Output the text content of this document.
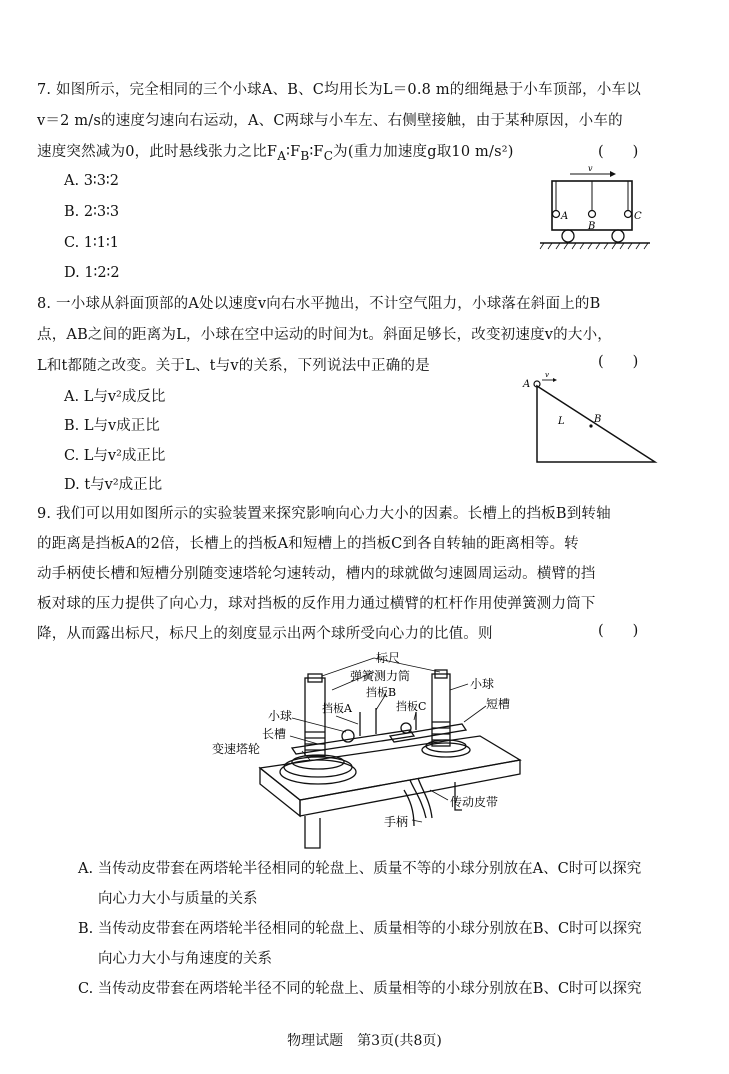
7. 如图所示，完全相同的三个小球A、B、C均用长为L＝0.8 m的细绳悬于小车顶部，小车以
v＝2 m/s的速度匀速向右运动，A、C两球与小车左、右侧壁接触，由于某种原因，小车的
速度突然减为0，此时悬线张力之比$F_A∶F_B∶F_C$为(重力加速度g取10 m/s²)	(　　)
A. 3∶3∶2
B. 2∶3∶3
C. 1∶1∶1
D. 1∶2∶2
v
A
B
C
8. 一小球从斜面顶部的A处以速度v向右水平抛出，不计空气阻力，小球落在斜面上的B
点，AB之间的距离为L，小球在空中运动的时间为t。斜面足够长，改变初速度v的大小，
L和t都随之改变。关于L、t与v的关系，下列说法中正确的是	(　　)
A. L与v²成反比
B. L与v成正比
C. L与v²成正比
D. t与v²成正比
A
v
L	B
9. 我们可以用如图所示的实验装置来探究影响向心力大小的因素。长槽上的挡板B到转轴
的距离是挡板A的2倍，长槽上的挡板A和短槽上的挡板C到各自转轴的距离相等。转
动手柄使长槽和短槽分别随变速塔轮匀速转动，槽内的球就做匀速圆周运动。横臂的挡
板对球的压力提供了向心力，球对挡板的反作用力通过横臂的杠杆作用使弹簧测力筒下
降，从而露出标尺，标尺上的刻度显示出两个球所受向心力的比值。则	(　　)
标尺
弹簧测力筒
挡板B
小球
挡板A	挡板C
小球
长槽
短槽
变速塔轮
传动皮带
手柄
A. 当传动皮带套在两塔轮半径相同的轮盘上、质量不等的小球分别放在A、C时可以探究
向心力大小与质量的关系
B. 当传动皮带套在两塔轮半径相同的轮盘上、质量相等的小球分别放在B、C时可以探究
向心力大小与角速度的关系
C. 当传动皮带套在两塔轮半径不同的轮盘上、质量相等的小球分别放在B、C时可以探究
物理试题　第3页(共8页)
